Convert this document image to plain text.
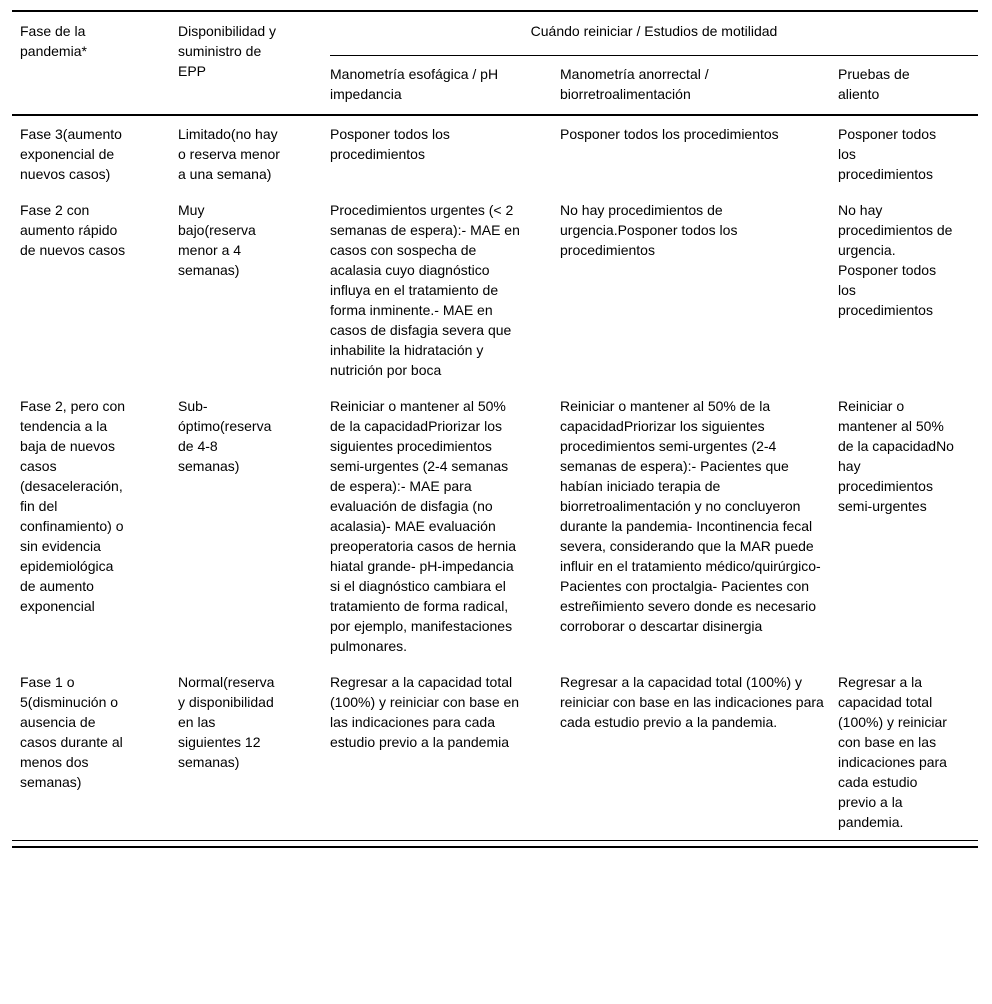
Fase de la pandemia*	Disponibilidad y suministro de EPP	Cuándo reiniciar / Estudios de motilidad		
		Manometría esofágica / pH impedancia	Manometría anorrectal / biorretroalimentación	Pruebas de aliento
Fase 3(aumento exponencial de nuevos casos)	Limitado(no hay o reserva menor a una semana)	Posponer todos los procedimientos	Posponer todos los procedimientos	Posponer todos los procedimientos
Fase 2 con aumento rápido de nuevos casos	Muy bajo(reserva menor a 4 semanas)	Procedimientos urgentes (< 2 semanas de espera):- MAE en casos con sospecha de acalasia cuyo diagnóstico influya en el tratamiento de forma inminente.- MAE en casos de disfagia severa que inhabilite la hidratación y nutrición por boca	No hay procedimientos de urgencia.Posponer todos los procedimientos	No hay procedimientos de urgencia. Posponer todos los procedimientos
Fase 2, pero con tendencia a la baja de nuevos casos (desaceleración, fin del confinamiento) o sin evidencia epidemiológica de aumento exponencial	Sub-óptimo(reserva de 4-8 semanas)	Reiniciar o mantener al 50% de la capacidadPriorizar los siguientes procedimientos semi-urgentes (2-4 semanas de espera):- MAE para evaluación de disfagia (no acalasia)- MAE evaluación preoperatoria casos de hernia hiatal grande- pH-impedancia si el diagnóstico cambiara el tratamiento de forma radical, por ejemplo, manifestaciones pulmonares.	Reiniciar o mantener al 50% de la capacidadPriorizar los siguientes procedimientos semi-urgentes (2-4 semanas de espera):- Pacientes que habían iniciado terapia de biorretroalimentación y no concluyeron durante la pandemia- Incontinencia fecal severa, considerando que la MAR puede influir en el tratamiento médico/quirúrgico- Pacientes con proctalgia- Pacientes con estreñimiento severo donde es necesario corroborar o descartar disinergia	Reiniciar o mantener al 50% de la capacidadNo hay procedimientos semi-urgentes
Fase 1 o 5(disminución o ausencia de casos durante al menos dos semanas)	Normal(reserva y disponibilidad en las siguientes 12 semanas)	Regresar a la capacidad total (100%) y reiniciar con base en las indicaciones para cada estudio previo a la pandemia	Regresar a la capacidad total (100%) y reiniciar con base en las indicaciones para cada estudio previo a la pandemia.	Regresar a la capacidad total (100%) y reiniciar con base en las indicaciones para cada estudio previo a la pandemia.
